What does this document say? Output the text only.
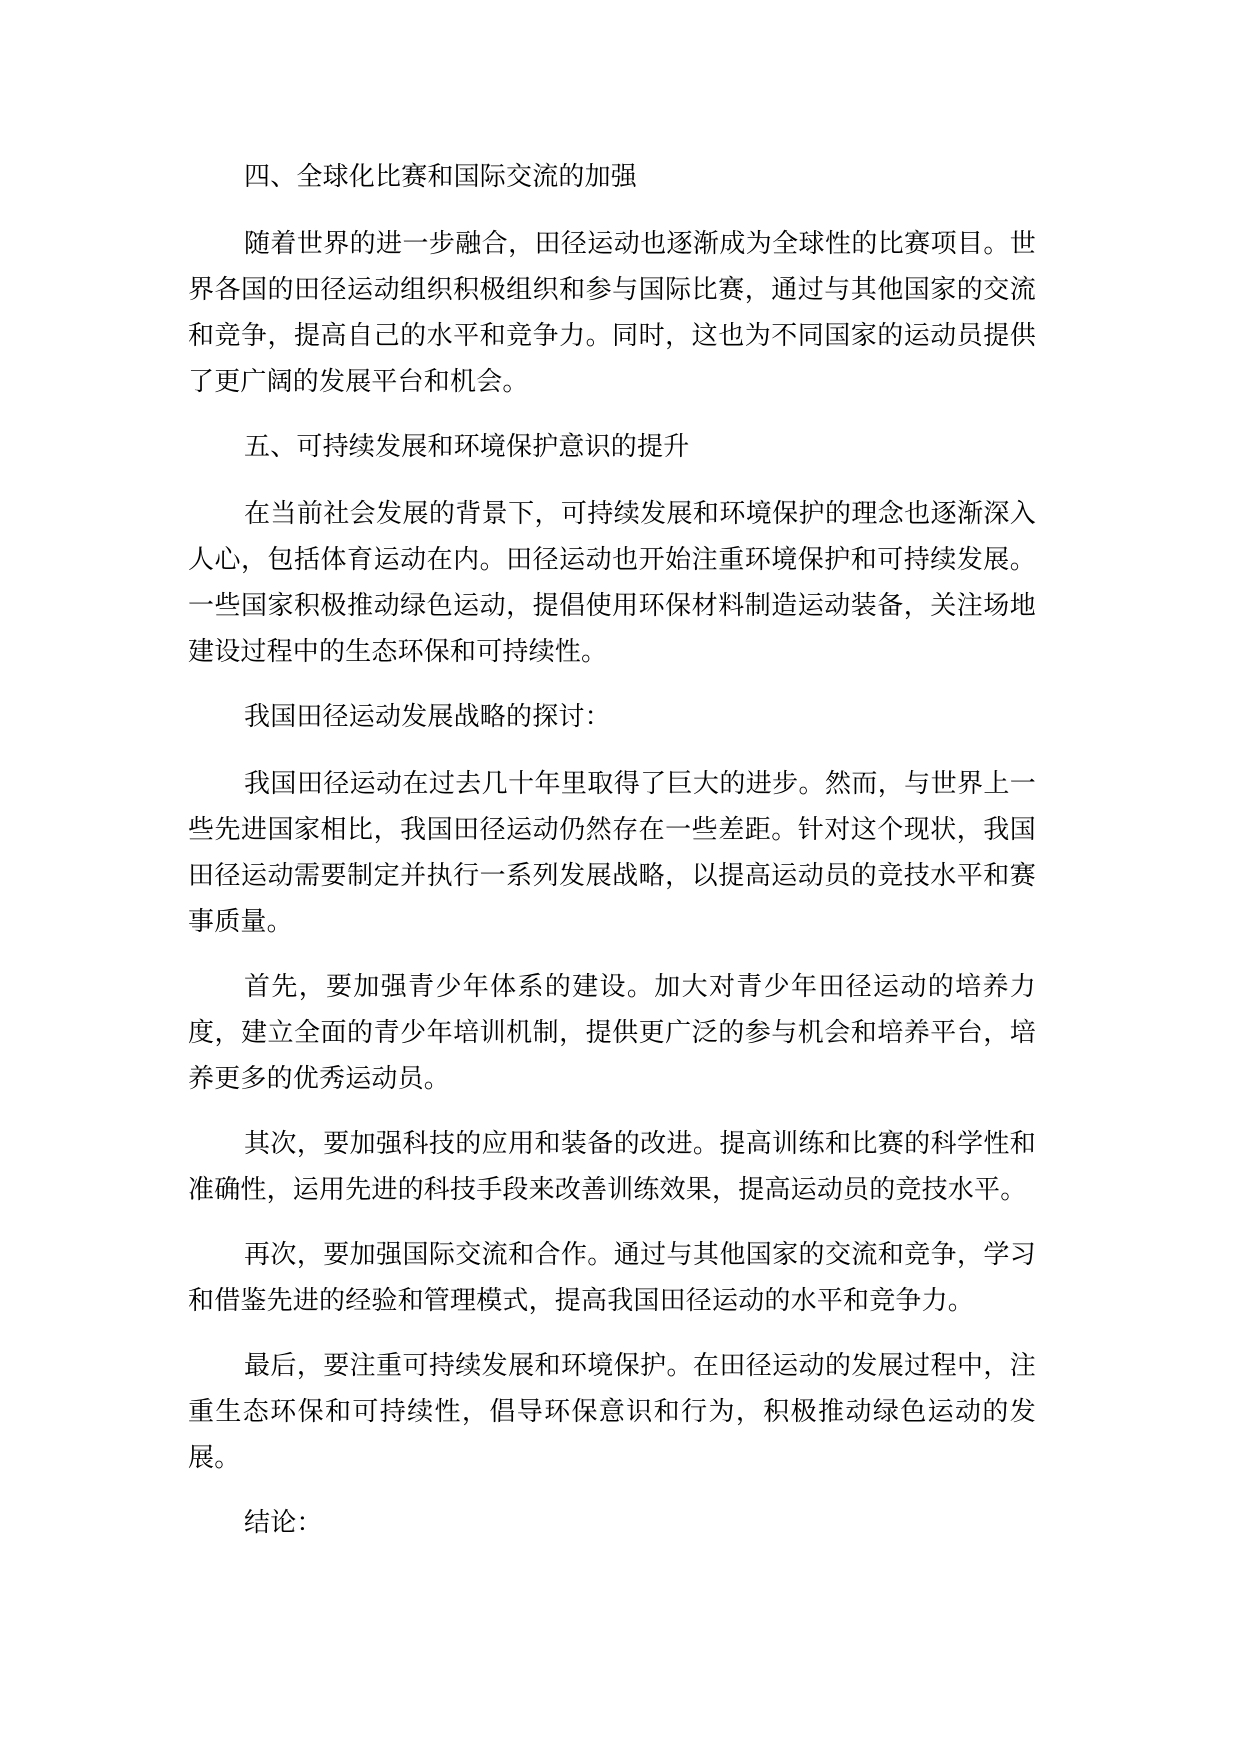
四、全球化比赛和国际交流的加强

随着世界的进一步融合，田径运动也逐渐成为全球性的比赛项目。世界各国的田径运动组织积极组织和参与国际比赛，通过与其他国家的交流和竞争，提高自己的水平和竞争力。同时，这也为不同国家的运动员提供了更广阔的发展平台和机会。

五、可持续发展和环境保护意识的提升

在当前社会发展的背景下，可持续发展和环境保护的理念也逐渐深入人心，包括体育运动在内。田径运动也开始注重环境保护和可持续发展。一些国家积极推动绿色运动，提倡使用环保材料制造运动装备，关注场地建设过程中的生态环保和可持续性。

我国田径运动发展战略的探讨：

我国田径运动在过去几十年里取得了巨大的进步。然而，与世界上一些先进国家相比，我国田径运动仍然存在一些差距。针对这个现状，我国田径运动需要制定并执行一系列发展战略，以提高运动员的竞技水平和赛事质量。

首先，要加强青少年体系的建设。加大对青少年田径运动的培养力度，建立全面的青少年培训机制，提供更广泛的参与机会和培养平台，培养更多的优秀运动员。

其次，要加强科技的应用和装备的改进。提高训练和比赛的科学性和准确性，运用先进的科技手段来改善训练效果，提高运动员的竞技水平。

再次，要加强国际交流和合作。通过与其他国家的交流和竞争，学习和借鉴先进的经验和管理模式，提高我国田径运动的水平和竞争力。

最后，要注重可持续发展和环境保护。在田径运动的发展过程中，注重生态环保和可持续性，倡导环保意识和行为，积极推动绿色运动的发展。

结论：
